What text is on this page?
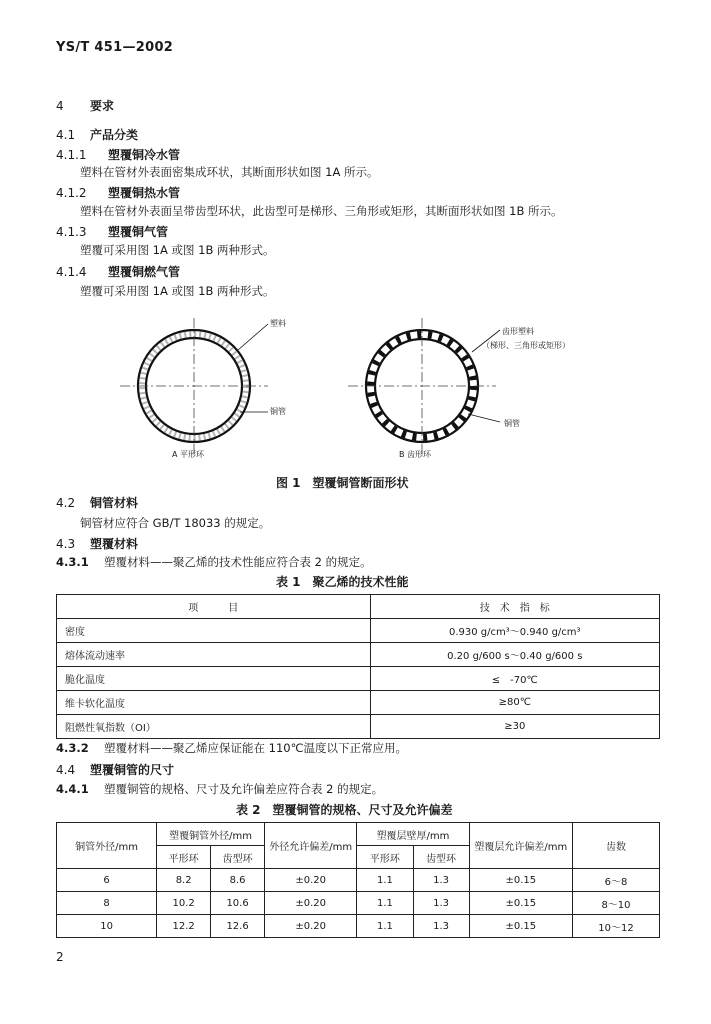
YS/T 451—2002
4 要求
4.1 产品分类
4.1.1 塑覆铜冷水管
塑料在管材外表面密集成环状，其断面形状如图 1A 所示。
4.1.2 塑覆铜热水管
塑料在管材外表面呈带齿型环状，此齿型可是梯形、三角形或矩形，其断面形状如图 1B 所示。
4.1.3 塑覆铜气管
塑覆可采用图 1A 或图 1B 两种形式。
4.1.4 塑覆铜燃气管
塑覆可采用图 1A 或图 1B 两种形式。
塑料
铜管
A 平形环
齿形塑料
（梯形、三角形或矩形）
铜管
B 齿形环
图 1　塑覆铜管断面形状
4.2 铜管材料
铜管材应符合 GB/T 18033 的规定。
4.3 塑覆材料
4.3.1 塑覆材料——聚乙烯的技术性能应符合表 2 的规定。
表 1　聚乙烯的技术性能
项　　　目	技　术　指　标
密度	0.930 g/cm³～0.940 g/cm³
熔体流动速率	0.20 g/600 s～0.40 g/600 s
脆化温度	≤　-70℃
维卡软化温度	≥80℃
阻燃性氧指数（OI）	≥30
4.3.2 塑覆材料——聚乙烯应保证能在 110℃温度以下正常应用。
4.4 塑覆铜管的尺寸
4.4.1 塑覆铜管的规格、尺寸及允许偏差应符合表 2 的规定。
表 2　塑覆铜管的规格、尺寸及允许偏差
铜管外径/mm	塑覆铜管外径/mm		外径允许偏差/mm	塑覆层壁厚/mm		塑覆层允许偏差/mm	齿数
	平形环	齿型环		平形环	齿型环		
6	8.2	8.6	±0.20	1.1	1.3	±0.15	6～8
8	10.2	10.6	±0.20	1.1	1.3	±0.15	8～10
10	12.2	12.6	±0.20	1.1	1.3	±0.15	10～12
2
